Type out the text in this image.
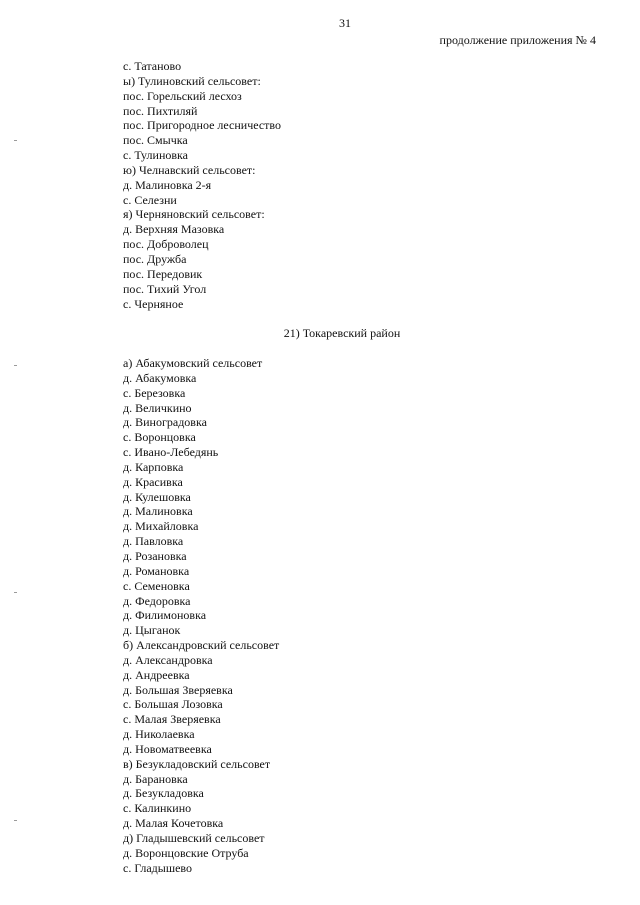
31
продолжение приложения № 4
с. Татаново
ы) Тулиновский сельсовет:
пос. Горельский лесхоз
пос. Пихтиляй
пос. Пригородное лесничество
пос. Смычка
с. Тулиновка
ю) Челнавский сельсовет:
д. Малиновка 2-я
с. Селезни
я) Черняновский сельсовет:
д. Верхняя Мазовка
пос. Доброволец
пос. Дружба
пос. Передовик
пос. Тихий Угол
с. Черняное
21) Токаревский район
а) Абакумовский сельсовет
д. Абакумовка
с. Березовка
д. Величкино
д. Виноградовка
с. Воронцовка
с. Ивано-Лебедянь
д. Карповка
д. Красивка
д. Кулешовка
д. Малиновка
д. Михайловка
д. Павловка
д. Розановка
д. Романовка
с. Семеновка
д. Федоровка
д. Филимоновка
д. Цыганок
б) Александровский сельсовет
д. Александровка
д. Андреевка
д. Большая Зверяевка
с. Большая Лозовка
с. Малая Зверяевка
д. Николаевка
д. Новоматвеевка
в) Безукладовский сельсовет
д. Барановка
д. Безукладовка
с. Калинкино
д. Малая Кочетовка
д) Гладышевский сельсовет
д. Воронцовские Отруба
с. Гладышево
